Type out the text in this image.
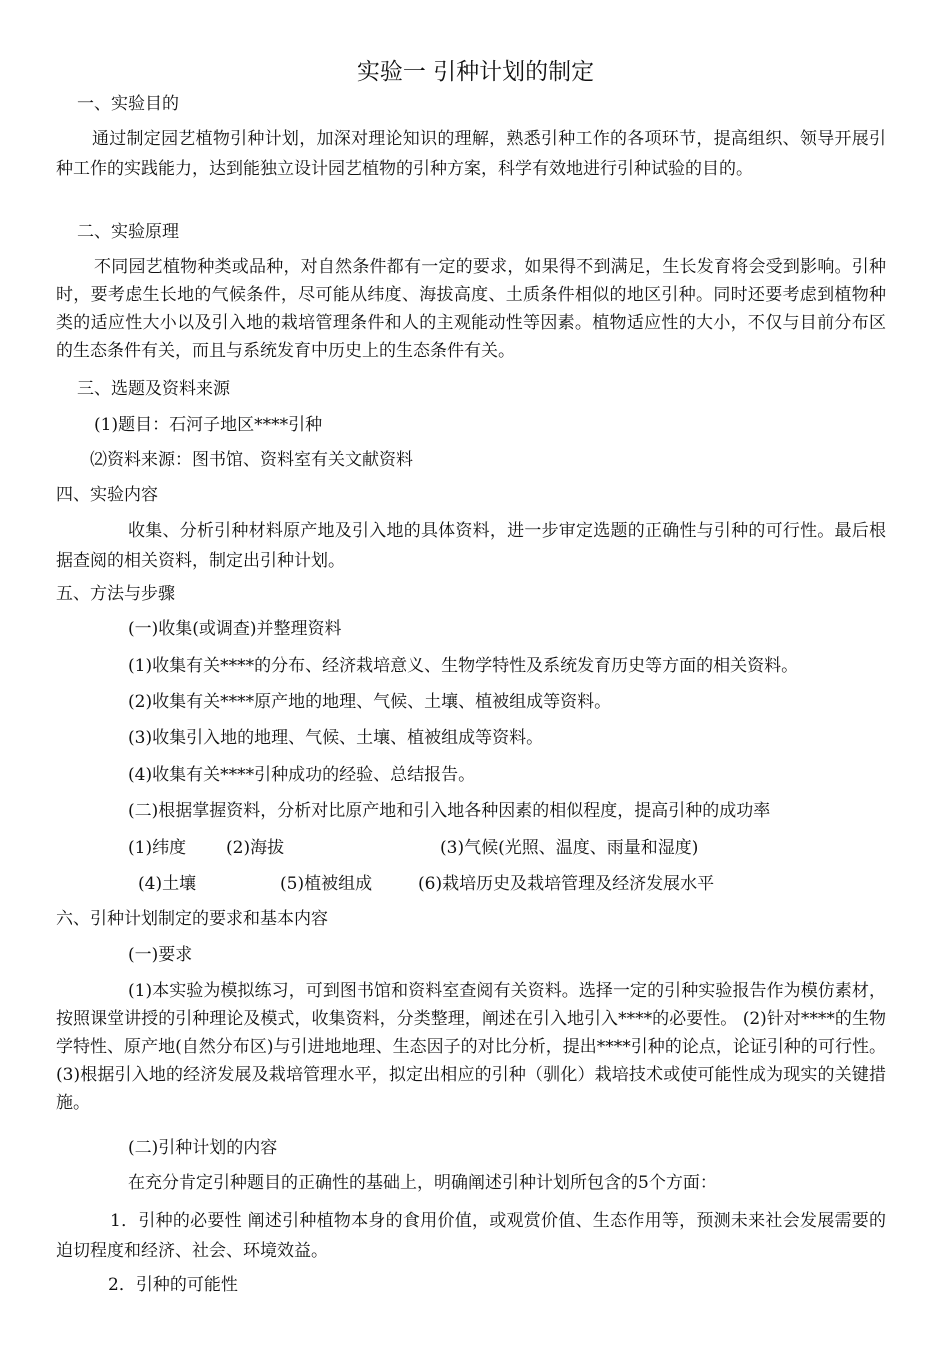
实验一 引种计划的制定
一、实验目的
通过制定园艺植物引种计划，加深对理论知识的理解，熟悉引种工作的各项环节，提高组织、领导开展引种工作的实践能力，达到能独立设计园艺植物的引种方案，科学有效地进行引种试验的目的。
二、实验原理
不同园艺植物种类或品种，对自然条件都有一定的要求，如果得不到满足，生长发育将会受到影响。引种时，要考虑生长地的气候条件，尽可能从纬度、海拔高度、土质条件相似的地区引种。同时还要考虑到植物种类的适应性大小以及引入地的栽培管理条件和人的主观能动性等因素。植物适应性的大小，不仅与目前分布区的生态条件有关，而且与系统发育中历史上的生态条件有关。
三、选题及资料来源
(1)题目：石河子地区****引种
⑵资料来源：图书馆、资料室有关文献资料
四、实验内容
收集、分析引种材料原产地及引入地的具体资料，进一步审定选题的正确性与引种的可行性。最后根据查阅的相关资料，制定出引种计划。
五、方法与步骤
(一)收集(或调查)并整理资料
(1)收集有关****的分布、经济栽培意义、生物学特性及系统发育历史等方面的相关资料。
(2)收集有关****原产地的地理、气候、土壤、植被组成等资料。
(3)收集引入地的地理、气候、土壤、植被组成等资料。
(4)收集有关****引种成功的经验、总结报告。
(二)根据掌握资料，分析对比原产地和引入地各种因素的相似程度，提高引种的成功率
(1)纬度 (2)海拔	(3)气候(光照、温度、雨量和湿度)
(4)土壤	(5)植被组成	(6)栽培历史及栽培管理及经济发展水平
六、引种计划制定的要求和基本内容
(一)要求
(1)本实验为模拟练习，可到图书馆和资料室查阅有关资料。选择一定的引种实验报告作为模仿素材，按照课堂讲授的引种理论及模式，收集资料，分类整理，阐述在引入地引入****的必要性。 (2)针对****的生物学特性、原产地(自然分布区)与引进地地理、生态因子的对比分析，提出****引种的论点，论证引种的可行性。 (3)根据引入地的经济发展及栽培管理水平，拟定出相应的引种（驯化）栽培技术或使可能性成为现实的关键措施。
(二)引种计划的内容
在充分肯定引种题目的正确性的基础上，明确阐述引种计划所包含的5个方面：
1．引种的必要性 阐述引种植物本身的食用价值，或观赏价值、生态作用等，预测未来社会发展需要的迫切程度和经济、社会、环境效益。
2．引种的可能性
